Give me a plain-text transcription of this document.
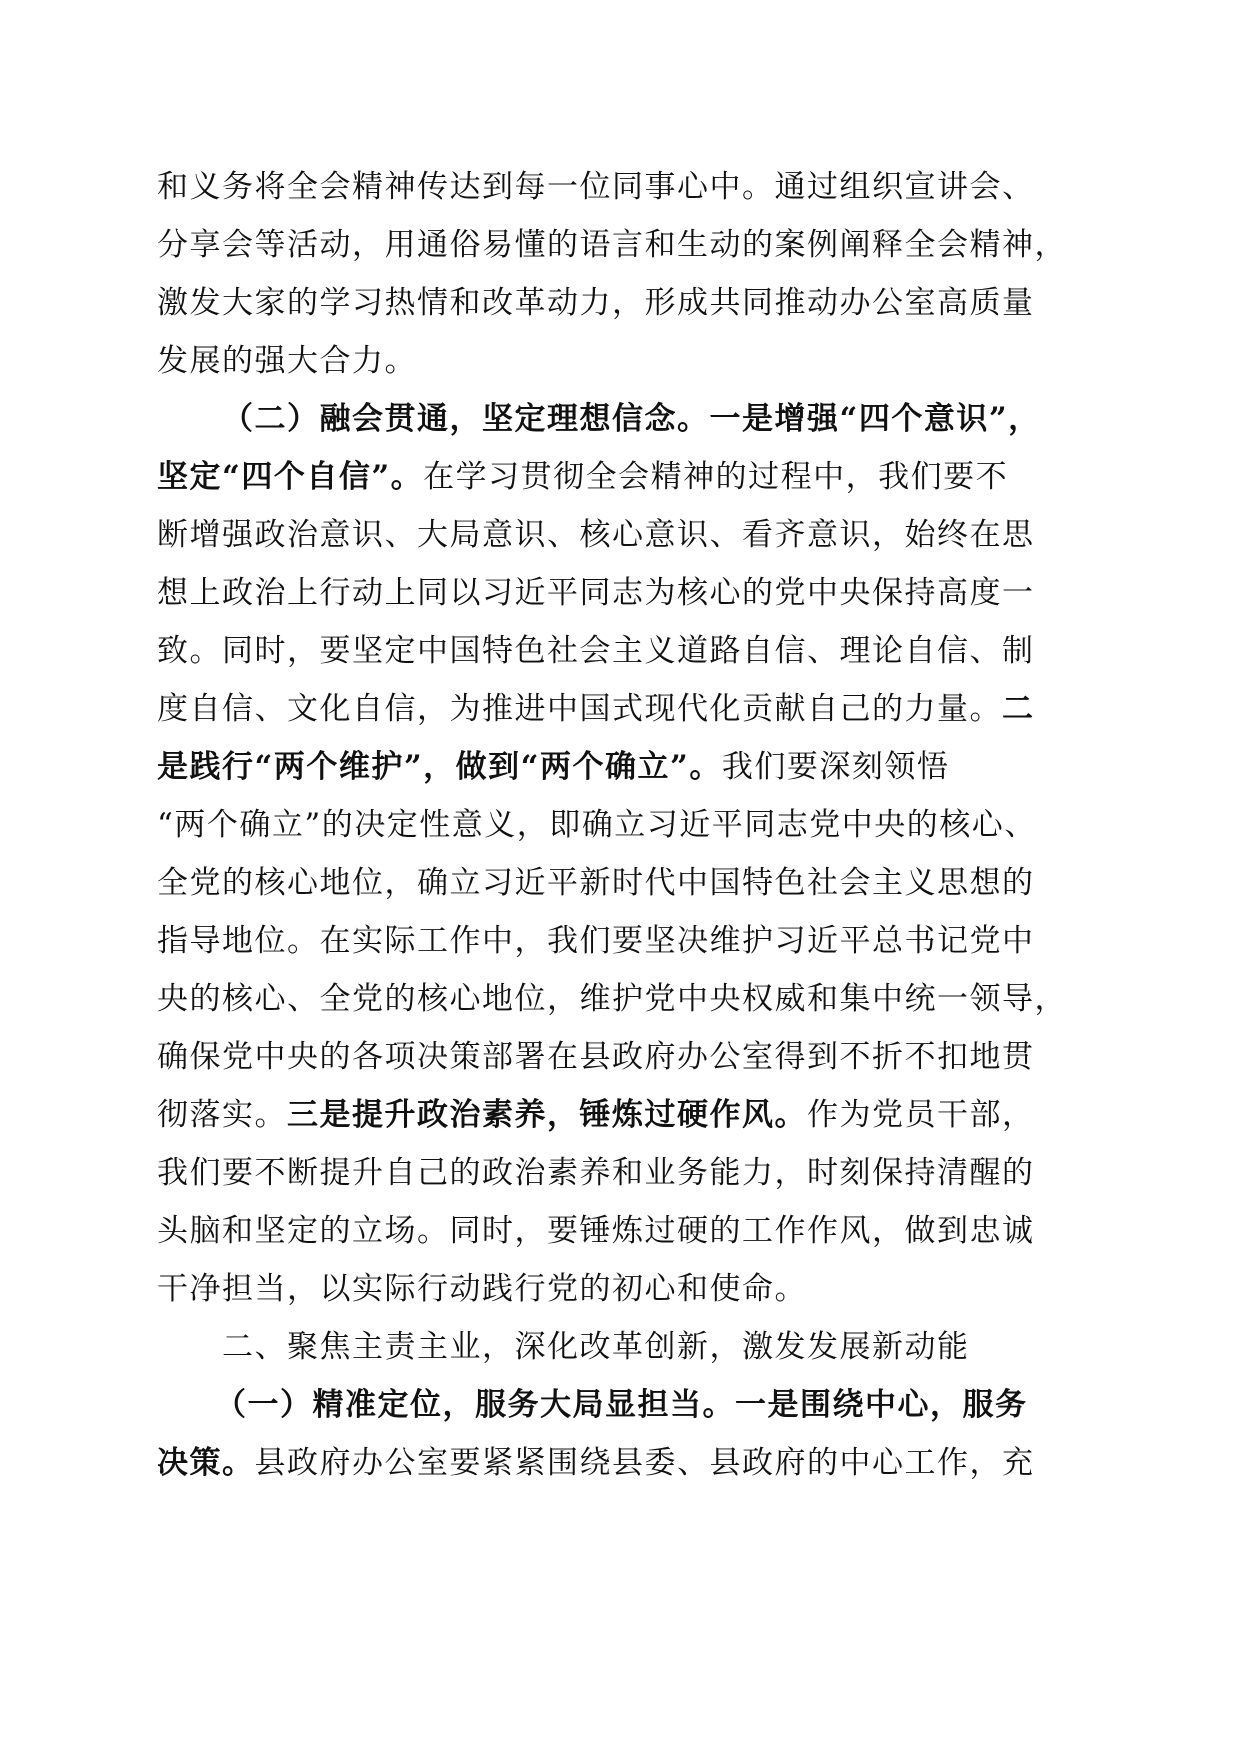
和义务将全会精神传达到每一位同事心中。通过组织宣讲会、
分享会等活动，用通俗易懂的语言和生动的案例阐释全会精神，
激发大家的学习热情和改革动力，形成共同推动办公室高质量
发展的强大合力。
（二）融会贯通，坚定理想信念。一是增强“四个意识”，
坚定“四个自信”。在学习贯彻全会精神的过程中，我们要不
断增强政治意识、大局意识、核心意识、看齐意识，始终在思
想上政治上行动上同以习近平同志为核心的党中央保持高度一
致。同时，要坚定中国特色社会主义道路自信、理论自信、制
度自信、文化自信，为推进中国式现代化贡献自己的力量。二
是践行“两个维护”，做到“两个确立”。我们要深刻领悟
“两个确立”的决定性意义，即确立习近平同志党中央的核心、
全党的核心地位，确立习近平新时代中国特色社会主义思想的
指导地位。在实际工作中，我们要坚决维护习近平总书记党中
央的核心、全党的核心地位，维护党中央权威和集中统一领导，
确保党中央的各项决策部署在县政府办公室得到不折不扣地贯
彻落实。三是提升政治素养，锤炼过硬作风。作为党员干部，
我们要不断提升自己的政治素养和业务能力，时刻保持清醒的
头脑和坚定的立场。同时，要锤炼过硬的工作作风，做到忠诚
干净担当，以实际行动践行党的初心和使命。
二、聚焦主责主业，深化改革创新，激发发展新动能
（一）精准定位，服务大局显担当。一是围绕中心，服务
决策。县政府办公室要紧紧围绕县委、县政府的中心工作，充
